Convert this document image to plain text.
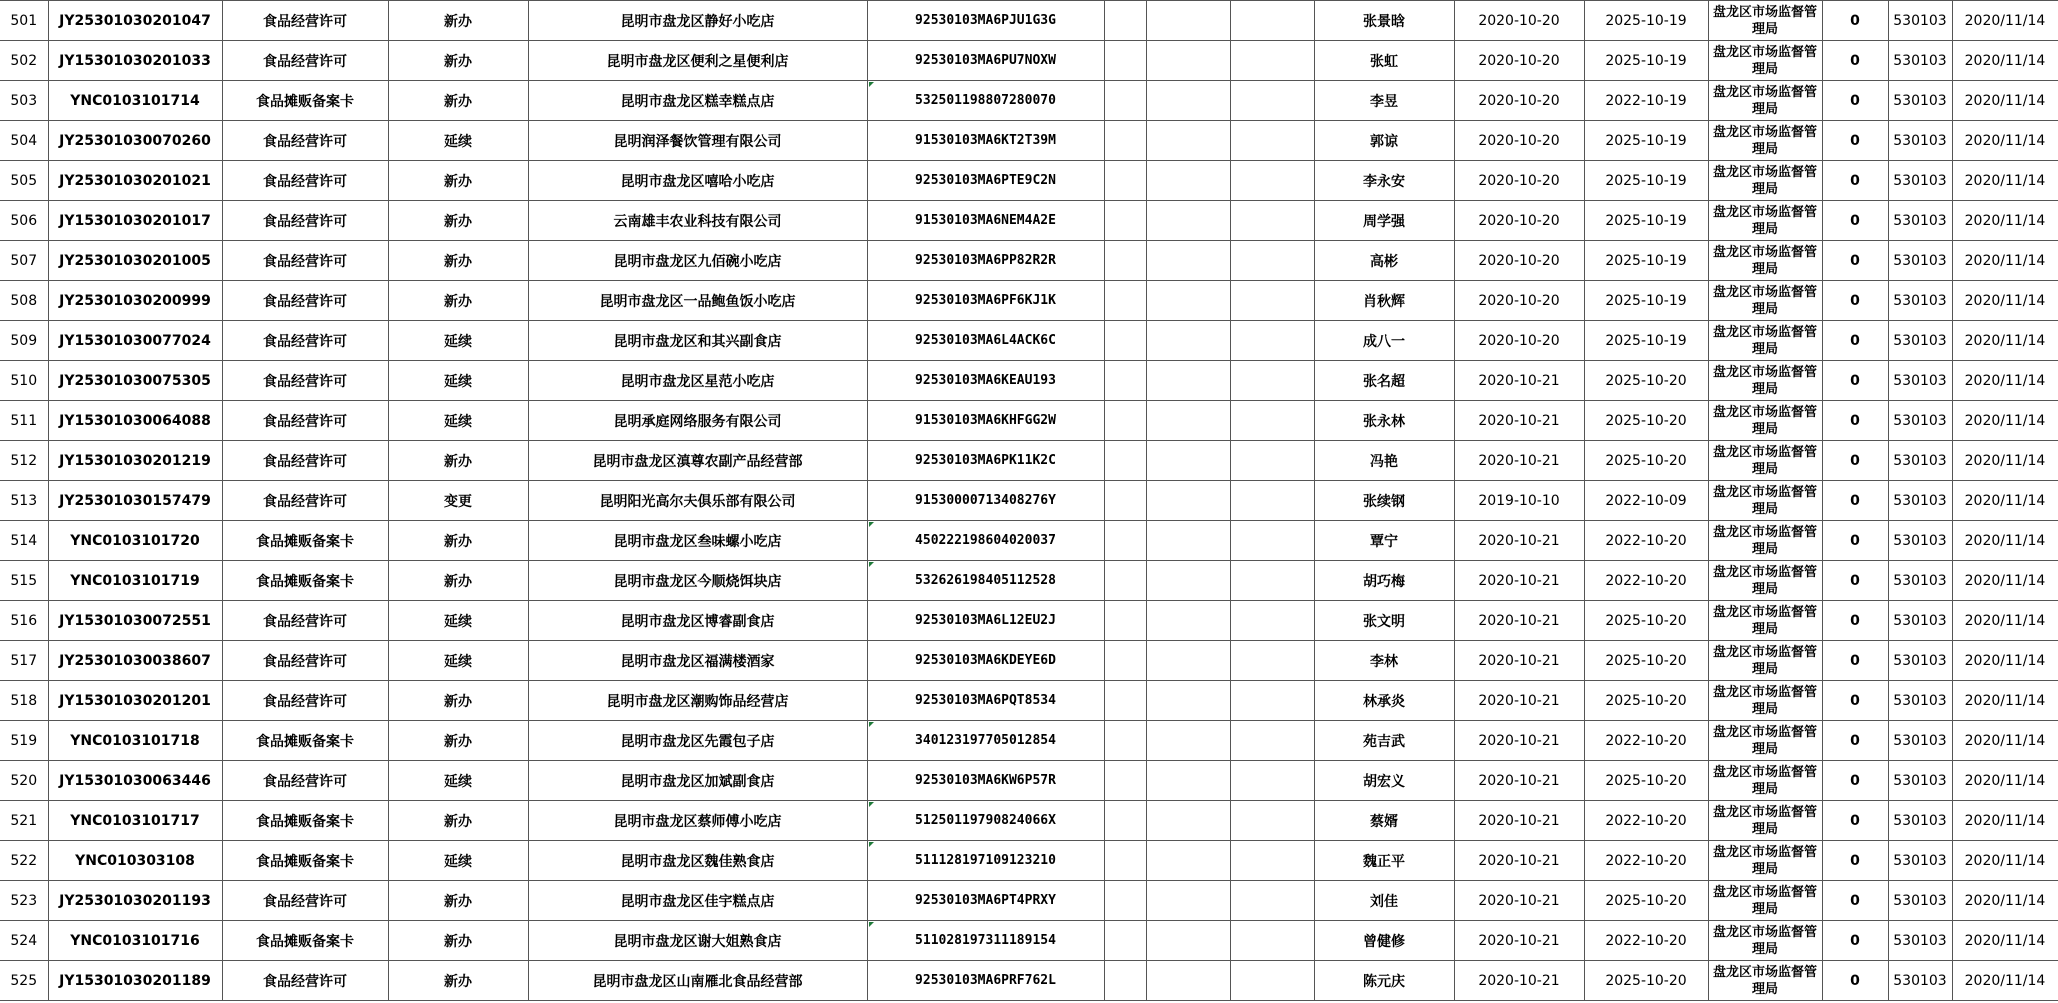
501	JY25301030201047	食品经营许可	新办	昆明市盘龙区静好小吃店	92530103MA6PJU1G3G				张景晗	2020-10-20	2025-10-19	盘龙区市场监督管理局	0	530103	2020/11/14
502	JY15301030201033	食品经营许可	新办	昆明市盘龙区便利之星便利店	92530103MA6PU7NOXW				张虹	2020-10-20	2025-10-19	盘龙区市场监督管理局	0	530103	2020/11/14
503	YNC0103101714	食品摊贩备案卡	新办	昆明市盘龙区糕幸糕点店	532501198807280070				李昱	2020-10-20	2022-10-19	盘龙区市场监督管理局	0	530103	2020/11/14
504	JY25301030070260	食品经营许可	延续	昆明润泽餐饮管理有限公司	91530103MA6KT2T39M				郭谅	2020-10-20	2025-10-19	盘龙区市场监督管理局	0	530103	2020/11/14
505	JY25301030201021	食品经营许可	新办	昆明市盘龙区嘻哈小吃店	92530103MA6PTE9C2N				李永安	2020-10-20	2025-10-19	盘龙区市场监督管理局	0	530103	2020/11/14
506	JY15301030201017	食品经营许可	新办	云南雄丰农业科技有限公司	91530103MA6NEM4A2E				周学强	2020-10-20	2025-10-19	盘龙区市场监督管理局	0	530103	2020/11/14
507	JY25301030201005	食品经营许可	新办	昆明市盘龙区九佰碗小吃店	92530103MA6PP82R2R				高彬	2020-10-20	2025-10-19	盘龙区市场监督管理局	0	530103	2020/11/14
508	JY25301030200999	食品经营许可	新办	昆明市盘龙区一品鲍鱼饭小吃店	92530103MA6PF6KJ1K				肖秋辉	2020-10-20	2025-10-19	盘龙区市场监督管理局	0	530103	2020/11/14
509	JY15301030077024	食品经营许可	延续	昆明市盘龙区和其兴副食店	92530103MA6L4ACK6C				成八一	2020-10-20	2025-10-19	盘龙区市场监督管理局	0	530103	2020/11/14
510	JY25301030075305	食品经营许可	延续	昆明市盘龙区星范小吃店	92530103MA6KEAU193				张名超	2020-10-21	2025-10-20	盘龙区市场监督管理局	0	530103	2020/11/14
511	JY15301030064088	食品经营许可	延续	昆明承庭网络服务有限公司	91530103MA6KHFGG2W				张永林	2020-10-21	2025-10-20	盘龙区市场监督管理局	0	530103	2020/11/14
512	JY15301030201219	食品经营许可	新办	昆明市盘龙区滇尊农副产品经营部	92530103MA6PK11K2C				冯艳	2020-10-21	2025-10-20	盘龙区市场监督管理局	0	530103	2020/11/14
513	JY25301030157479	食品经营许可	变更	昆明阳光高尔夫俱乐部有限公司	91530000713408276Y				张续钢	2019-10-10	2022-10-09	盘龙区市场监督管理局	0	530103	2020/11/14
514	YNC0103101720	食品摊贩备案卡	新办	昆明市盘龙区叁味螺小吃店	450222198604020037				覃宁	2020-10-21	2022-10-20	盘龙区市场监督管理局	0	530103	2020/11/14
515	YNC0103101719	食品摊贩备案卡	新办	昆明市盘龙区今顺烧饵块店	532626198405112528				胡巧梅	2020-10-21	2022-10-20	盘龙区市场监督管理局	0	530103	2020/11/14
516	JY15301030072551	食品经营许可	延续	昆明市盘龙区博睿副食店	92530103MA6L12EU2J				张文明	2020-10-21	2025-10-20	盘龙区市场监督管理局	0	530103	2020/11/14
517	JY25301030038607	食品经营许可	延续	昆明市盘龙区福满楼酒家	92530103MA6KDEYE6D				李林	2020-10-21	2025-10-20	盘龙区市场监督管理局	0	530103	2020/11/14
518	JY15301030201201	食品经营许可	新办	昆明市盘龙区潮购饰品经营店	92530103MA6PQT8534				林承炎	2020-10-21	2025-10-20	盘龙区市场监督管理局	0	530103	2020/11/14
519	YNC0103101718	食品摊贩备案卡	新办	昆明市盘龙区先霞包子店	340123197705012854				苑吉武	2020-10-21	2022-10-20	盘龙区市场监督管理局	0	530103	2020/11/14
520	JY15301030063446	食品经营许可	延续	昆明市盘龙区加斌副食店	92530103MA6KW6P57R				胡宏义	2020-10-21	2025-10-20	盘龙区市场监督管理局	0	530103	2020/11/14
521	YNC0103101717	食品摊贩备案卡	新办	昆明市盘龙区蔡师傅小吃店	51250119790824066X				蔡婿	2020-10-21	2022-10-20	盘龙区市场监督管理局	0	530103	2020/11/14
522	YNC010303108	食品摊贩备案卡	延续	昆明市盘龙区魏佳熟食店	511128197109123210				魏正平	2020-10-21	2022-10-20	盘龙区市场监督管理局	0	530103	2020/11/14
523	JY25301030201193	食品经营许可	新办	昆明市盘龙区佳宇糕点店	92530103MA6PT4PRXY				刘佳	2020-10-21	2025-10-20	盘龙区市场监督管理局	0	530103	2020/11/14
524	YNC0103101716	食品摊贩备案卡	新办	昆明市盘龙区谢大姐熟食店	511028197311189154				曾健修	2020-10-21	2022-10-20	盘龙区市场监督管理局	0	530103	2020/11/14
525	JY15301030201189	食品经营许可	新办	昆明市盘龙区山南雁北食品经营部	92530103MA6PRF762L				陈元庆	2020-10-21	2025-10-20	盘龙区市场监督管理局	0	530103	2020/11/14
